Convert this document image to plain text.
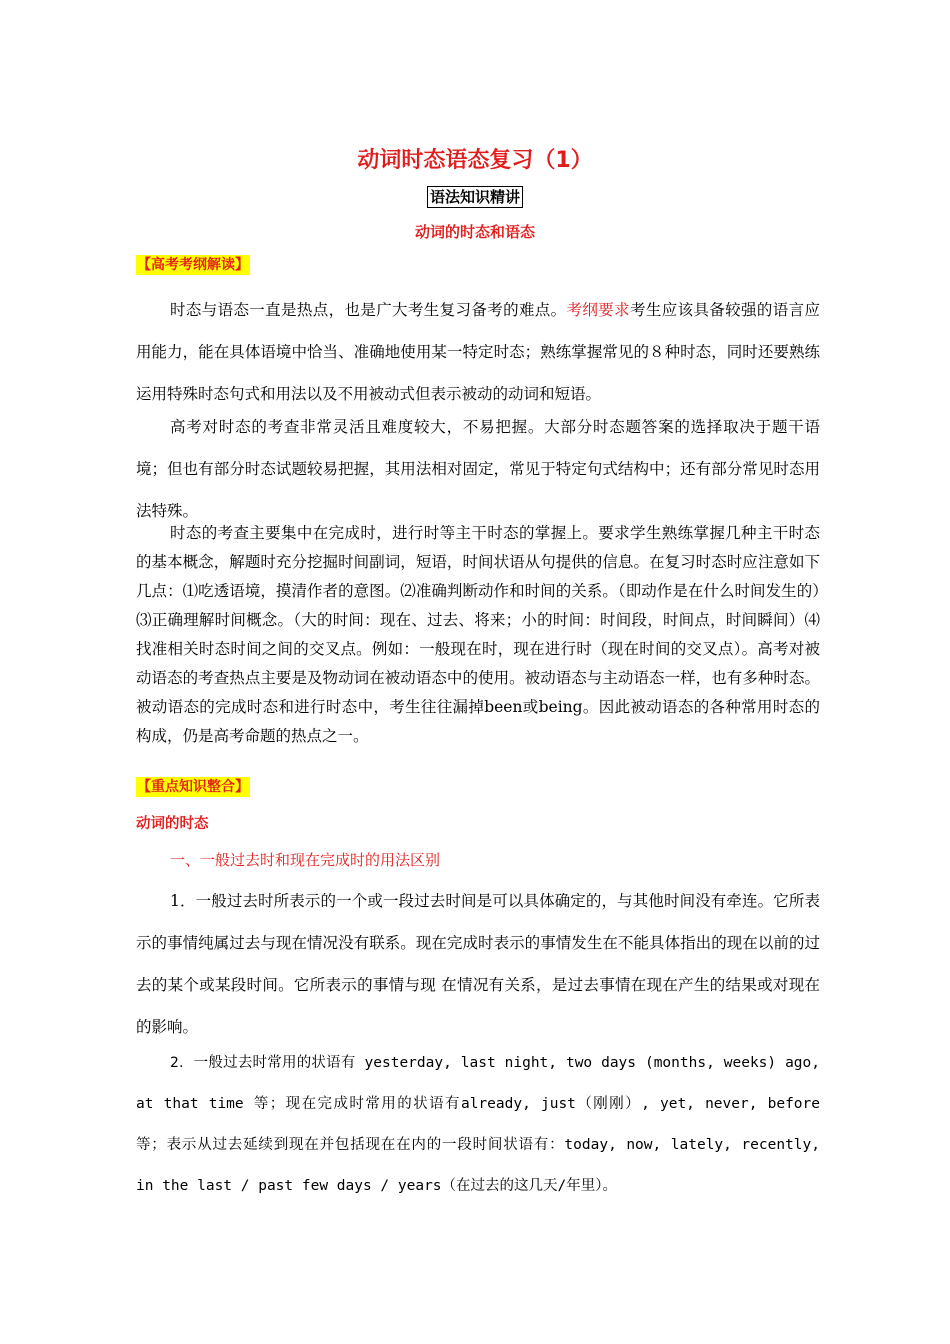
动词时态语态复习（1）
语法知识精讲
动词的时态和语态
【高考考纲解读】

时态与语态一直是热点，也是广大考生复习备考的难点。考纲要求考生应该具备较强的语言应用能力，能在具体语境中恰当、准确地使用某一特定时态；熟练掌握常见的８种时态，同时还要熟练运用特殊时态句式和用法以及不用被动式但表示被动的动词和短语。

高考对时态的考查非常灵活且难度较大，不易把握。大部分时态题答案的选择取决于题干语境；但也有部分时态试题较易把握，其用法相对固定，常见于特定句式结构中；还有部分常见时态用法特殊。

时态的考查主要集中在完成时，进行时等主干时态的掌握上。要求学生熟练掌握几种主干时态的基本概念，解题时充分挖掘时间副词，短语，时间状语从句提供的信息。在复习时态时应注意如下几点：⑴吃透语境，摸清作者的意图。⑵准确判断动作和时间的关系。（即动作是在什么时间发生的）⑶正确理解时间概念。（大的时间：现在、过去、将来；小的时间：时间段，时间点，时间瞬间）⑷找准相关时态时间之间的交叉点。例如：一般现在时，现在进行时（现在时间的交叉点）。高考对被动语态的考查热点主要是及物动词在被动语态中的使用。被动语态与主动语态一样，也有多种时态。被动语态的完成时态和进行时态中，考生往往漏掉been或being。因此被动语态的各种常用时态的构成，仍是高考命题的热点之一。

【重点知识整合】
动词的时态
一、一般过去时和现在完成时的用法区别

1．一般过去时所表示的一个或一段过去时间是可以具体确定的，与其他时间没有牵连。它所表示的事情纯属过去与现在情况没有联系。现在完成时表示的事情发生在不能具体指出的现在以前的过去的某个或某段时间。它所表示的事情与现 在情况有关系，是过去事情在现在产生的结果或对现在的影响。

2．一般过去时常用的状语有 yesterday, last night, two days (months, weeks) ago, at that time 等；现在完成时常用的状语有already, just（刚刚）, yet, never, before 等；表示从过去延续到现在并包括现在在内的一段时间状语有：today, now, lately, recently, in the last / past few days / years（在过去的这几天/年里）。
